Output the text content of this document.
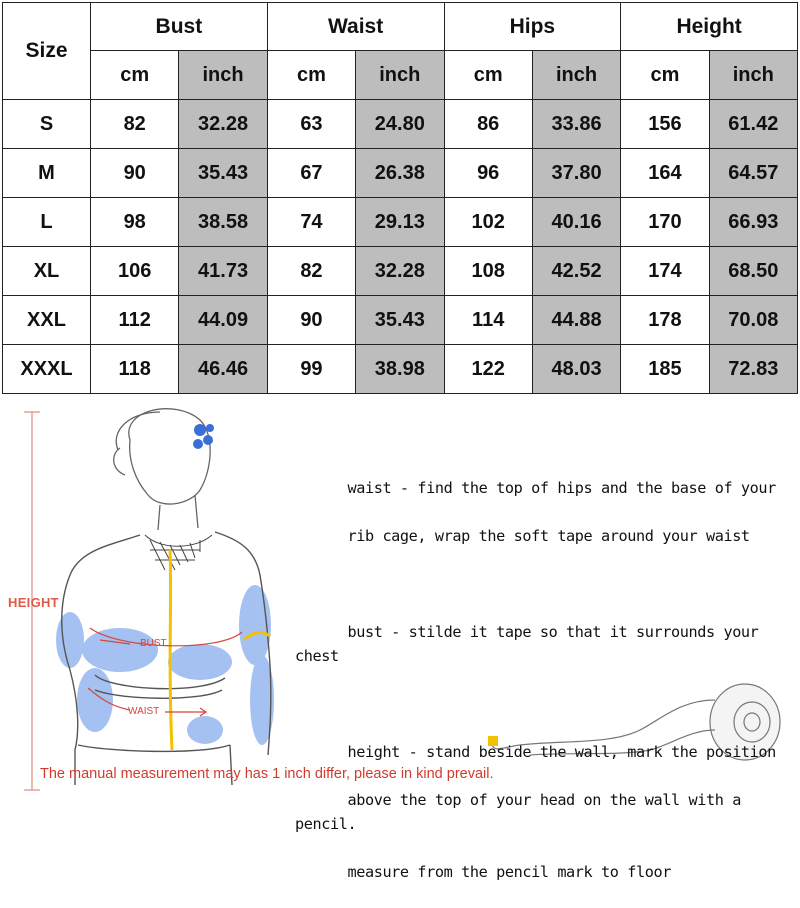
Size	Bust		Waist		Hips		Height	
	cm	inch	cm	inch	cm	inch	cm	inch
S	82	32.28	63	24.80	86	33.86	156	61.42
M	90	35.43	67	26.38	96	37.80	164	64.57
L	98	38.58	74	29.13	102	40.16	170	66.93
XL	106	41.73	82	32.28	108	42.52	174	68.50
XXL	112	44.09	90	35.43	114	44.88	178	70.08
XXXL	118	46.46	99	38.98	122	48.03	185	72.83
HEIGHT
BUST
WAIST

waist - find the top of hips and the base of your

rib cage, wrap the soft tape around your waist

bust - stilde it tape so that it surrounds your chest

height - stand beside the wall, mark the position

above the top of your head on the wall with a pencil.

measure from the pencil mark to floor

The manual measurement may has 1 inch differ, please in kind prevail.
